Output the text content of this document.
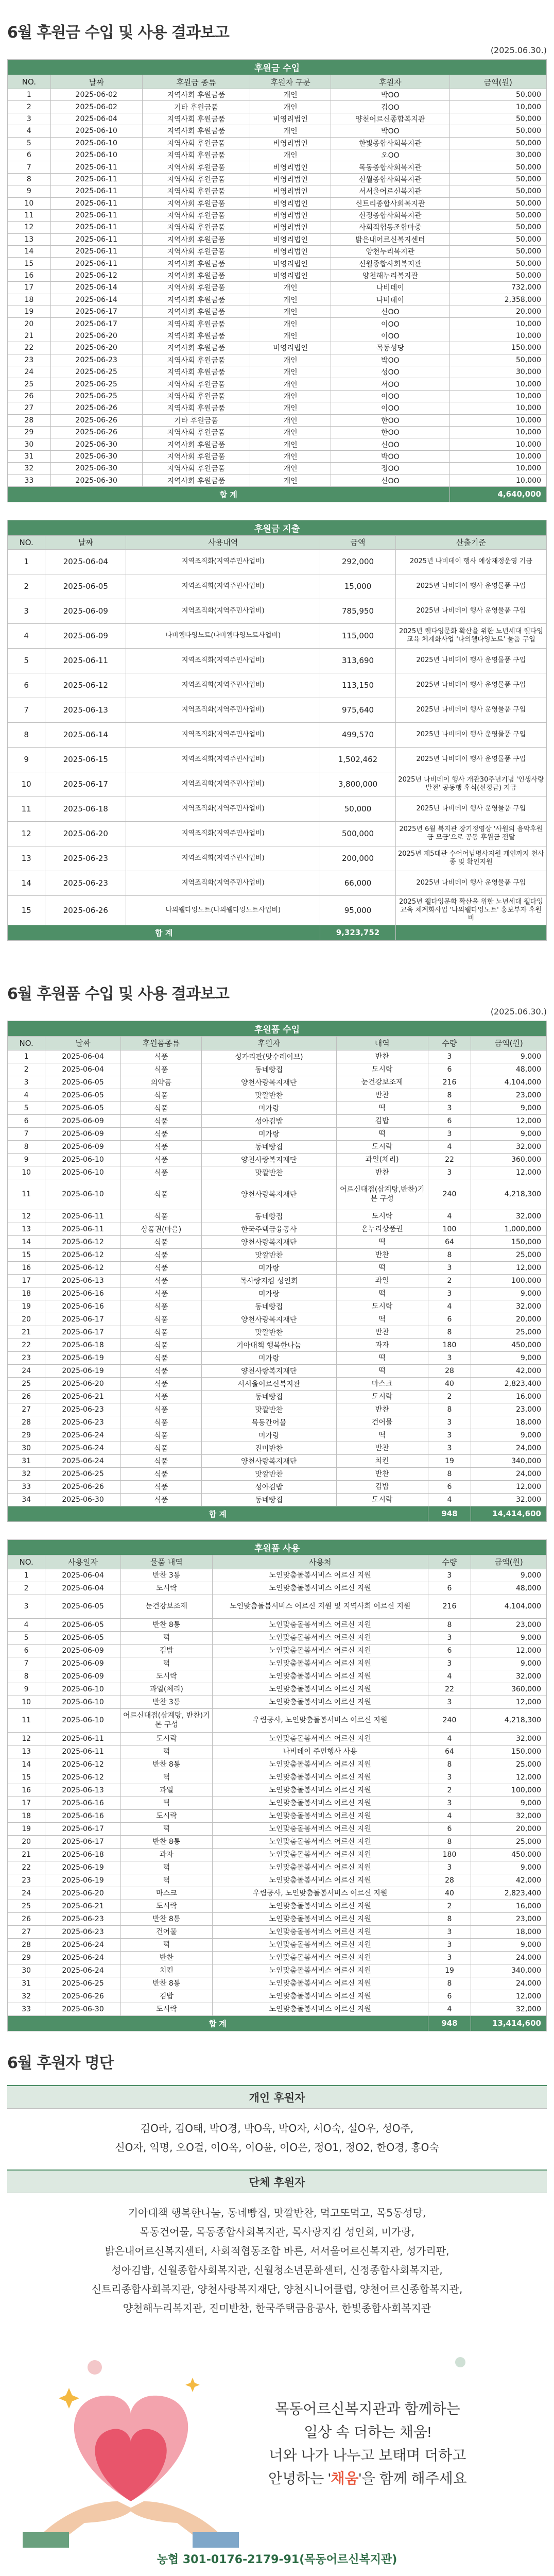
6월 후원금 수입 및 사용 결과보고
(2025.06.30.)
후원금 수입					
NO.	날짜	후원금 종류	후원자 구분	후원자	금액(원)
1	2025-06-02	지역사회 후원금품	개인	박OO	50,000
2	2025-06-02	기타 후원금품	개인	김OO	10,000
3	2025-06-04	지역사회 후원금품	비영리법인	양천어르신종합복지관	50,000
4	2025-06-10	지역사회 후원금품	개인	박OO	50,000
5	2025-06-10	지역사회 후원금품	비영리법인	한빛종합사회복지관	50,000
6	2025-06-10	지역사회 후원금품	개인	오OO	30,000
7	2025-06-11	지역사회 후원금품	비영리법인	목동종합사회복지관	50,000
8	2025-06-11	지역사회 후원금품	비영리법인	신월종합사회복지관	50,000
9	2025-06-11	지역사회 후원금품	비영리법인	서서울어르신복지관	50,000
10	2025-06-11	지역사회 후원금품	비영리법인	신트리종합사회복지관	50,000
11	2025-06-11	지역사회 후원금품	비영리법인	신정종합사회복지관	50,000
12	2025-06-11	지역사회 후원금품	비영리법인	사회적협동조합마중	50,000
13	2025-06-11	지역사회 후원금품	비영리법인	밝은내어르신복지센터	50,000
14	2025-06-11	지역사회 후원금품	비영리법인	양천누리복지관	50,000
15	2025-06-11	지역사회 후원금품	비영리법인	신월종합사회복지관	50,000
16	2025-06-12	지역사회 후원금품	비영리법인	양천해누리복지관	50,000
17	2025-06-14	지역사회 후원금품	개인	나비데이	732,000
18	2025-06-14	지역사회 후원금품	개인	나비데이	2,358,000
19	2025-06-17	지역사회 후원금품	개인	신OO	20,000
20	2025-06-17	지역사회 후원금품	개인	이OO	10,000
21	2025-06-20	지역사회 후원금품	개인	이OO	10,000
22	2025-06-20	지역사회 후원금품	비영리법인	목동성당	150,000
23	2025-06-23	지역사회 후원금품	개인	박OO	50,000
24	2025-06-25	지역사회 후원금품	개인	성OO	30,000
25	2025-06-25	지역사회 후원금품	개인	서OO	10,000
26	2025-06-25	지역사회 후원금품	개인	이OO	10,000
27	2025-06-26	지역사회 후원금품	개인	이OO	10,000
28	2025-06-26	기타 후원금품	개인	한OO	10,000
29	2025-06-26	지역사회 후원금품	개인	한OO	10,000
30	2025-06-30	지역사회 후원금품	개인	신OO	10,000
31	2025-06-30	지역사회 후원금품	개인	박OO	10,000
32	2025-06-30	지역사회 후원금품	개인	정OO	10,000
33	2025-06-30	지역사회 후원금품	개인	신OO	10,000
합 계					4,640,000
후원금 지출				
NO.	날짜	사용내역	금액	산출기준
1	2025-06-04	지역조직화(지역주민사업비)	292,000	2025년 나비데이 행사 예상재정운영 기금
2	2025-06-05	지역조직화(지역주민사업비)	15,000	2025년 나비데이 행사 운영물품 구입
3	2025-06-09	지역조직화(지역주민사업비)	785,950	2025년 나비데이 행사 운영물품 구입
4	2025-06-09	나비웰다잉노트(나비웰다잉노트사업비)	115,000	2025년 웰다잉문화 확산을 위한 노년세대 웰다잉교육 체계화사업 '나의웰다잉노트' 물품 구입
5	2025-06-11	지역조직화(지역주민사업비)	313,690	2025년 나비데이 행사 운영물품 구입
6	2025-06-12	지역조직화(지역주민사업비)	113,150	2025년 나비데이 행사 운영물품 구입
7	2025-06-13	지역조직화(지역주민사업비)	975,640	2025년 나비데이 행사 운영물품 구입
8	2025-06-14	지역조직화(지역주민사업비)	499,570	2025년 나비데이 행사 운영물품 구입
9	2025-06-15	지역조직화(지역주민사업비)	1,502,462	2025년 나비데이 행사 운영물품 구입
10	2025-06-17	지역조직화(지역주민사업비)	3,800,000	2025년 나비데이 행사 개관30주년기념 '인생사랑발전' 공동행 후식(선정금) 지급
11	2025-06-18	지역조직화(지역주민사업비)	50,000	2025년 나비데이 행사 운영물품 구입
12	2025-06-20	지역조직화(지역주민사업비)	500,000	2025년 6월 복지관 장기정영상 '사원의 음악후원금 모금'으로 공동 후원금 전달
13	2025-06-23	지역조직화(지역주민사업비)	200,000	2025년 제5대관 수어어님명사지원 개인까지 천사종 및 확인지원
14	2025-06-23	지역조직화(지역주민사업비)	66,000	2025년 나비데이 행사 운영물품 구입
15	2025-06-26	나의웰다잉노트(나의웰다잉노트사업비)	95,000	2025년 웰다잉문화 확산을 위한 노년세대 웰다잉교육 체계화사업 '나의웰다잉노트' 홍보부자 후원비
합 계			9,323,752	
6월 후원품 수입 및 사용 결과보고
(2025.06.30.)
후원품 수입						
NO.	날짜	후원품종류	후원자	내역	수량	금액(원)
1	2025-06-04	식품	성가리판(맛수레이브)	반찬	3	9,000
2	2025-06-04	식품	동네빵집	도시락	6	48,000
3	2025-06-05	의약품	양천사랑복지재단	눈건강보조제	216	4,104,000
4	2025-06-05	식품	맛깔반찬	반찬	8	23,000
5	2025-06-05	식품	미가랑	떡	3	9,000
6	2025-06-09	식품	성아김밥	김밥	6	12,000
7	2025-06-09	식품	미가랑	떡	3	9,000
8	2025-06-09	식품	동네빵집	도시락	4	32,000
9	2025-06-10	식품	양천사랑복지재단	과일(체리)	22	360,000
10	2025-06-10	식품	맛깔반찬	반찬	3	12,000
11	2025-06-10	식품	양천사랑복지재단	어르신대접(삼계탕,반찬)기본 구성	240	4,218,300
12	2025-06-11	식품	동네빵집	도시락	4	32,000
13	2025-06-11	상품권(마을)	한국주택금융공사	온누리상품권	100	1,000,000
14	2025-06-12	식품	양천사랑복지재단	떡	64	150,000
15	2025-06-12	식품	맛깔반찬	반찬	8	25,000
16	2025-06-12	식품	미가랑	떡	3	12,000
17	2025-06-13	식품	목사랑지킴 성인회	과일	2	100,000
18	2025-06-16	식품	미가랑	떡	3	9,000
19	2025-06-16	식품	동네빵집	도시락	4	32,000
20	2025-06-17	식품	양천사랑복지재단	떡	6	20,000
21	2025-06-17	식품	맛깔반찬	반찬	8	25,000
22	2025-06-18	식품	기아대책 행복한나눔	과자	180	450,000
23	2025-06-19	식품	미가랑	떡	3	9,000
24	2025-06-19	식품	양천사랑복지재단	떡	28	42,000
25	2025-06-20	식품	서서울어르신복지관	마스크	40	2,823,400
26	2025-06-21	식품	동네빵집	도시락	2	16,000
27	2025-06-23	식품	맛깔반찬	반찬	8	23,000
28	2025-06-23	식품	목동간어물	건어물	3	18,000
29	2025-06-24	식품	미가랑	떡	3	9,000
30	2025-06-24	식품	진미반찬	반찬	3	24,000
31	2025-06-24	식품	양천사랑복지재단	치킨	19	340,000
32	2025-06-25	식품	맛깔반찬	반찬	8	24,000
33	2025-06-26	식품	성아김밥	김밥	6	12,000
34	2025-06-30	식품	동네빵집	도시락	4	32,000
합 계					948	14,414,600
후원품 사용					
NO.	사용일자	물품 내역	사용처	수량	금액(원)
1	2025-06-04	반찬 3통	노인맞춤돌봄서비스 어르신 지원	3	9,000
2	2025-06-04	도시락	노인맞춤돌봄서비스 어르신 지원	6	48,000
3	2025-06-05	눈건강보조제	노인맞춤돌봄서비스 어르신 지원 및 지역사회 어르신 지원	216	4,104,000
4	2025-06-05	반찬 8통	노인맞춤돌봄서비스 어르신 지원	8	23,000
5	2025-06-05	떡	노인맞춤돌봄서비스 어르신 지원	3	9,000
6	2025-06-09	김밥	노인맞춤돌봄서비스 어르신 지원	6	12,000
7	2025-06-09	떡	노인맞춤돌봄서비스 어르신 지원	3	9,000
8	2025-06-09	도시락	노인맞춤돌봄서비스 어르신 지원	4	32,000
9	2025-06-10	과일(체리)	노인맞춤돌봄서비스 어르신 지원	22	360,000
10	2025-06-10	반찬 3통	노인맞춤돌봄서비스 어르신 지원	3	12,000
11	2025-06-10	어르신대접(삼계탕, 반찬)기본 구성	우림공사, 노인맞춤돌봄서비스 어르신 지원	240	4,218,300
12	2025-06-11	도시락	노인맞춤돌봄서비스 어르신 지원	4	32,000
13	2025-06-11	떡	나비데이 주민행사 사용	64	150,000
14	2025-06-12	반찬 8통	노인맞춤돌봄서비스 어르신 지원	8	25,000
15	2025-06-12	떡	노인맞춤돌봄서비스 어르신 지원	3	12,000
16	2025-06-13	과일	노인맞춤돌봄서비스 어르신 지원	2	100,000
17	2025-06-16	떡	노인맞춤돌봄서비스 어르신 지원	3	9,000
18	2025-06-16	도시락	노인맞춤돌봄서비스 어르신 지원	4	32,000
19	2025-06-17	떡	노인맞춤돌봄서비스 어르신 지원	6	20,000
20	2025-06-17	반찬 8통	노인맞춤돌봄서비스 어르신 지원	8	25,000
21	2025-06-18	과자	노인맞춤돌봄서비스 어르신 지원	180	450,000
22	2025-06-19	떡	노인맞춤돌봄서비스 어르신 지원	3	9,000
23	2025-06-19	떡	노인맞춤돌봄서비스 어르신 지원	28	42,000
24	2025-06-20	마스크	우림공사, 노인맞춤돌봄서비스 어르신 지원	40	2,823,400
25	2025-06-21	도시락	노인맞춤돌봄서비스 어르신 지원	2	16,000
26	2025-06-23	반찬 8통	노인맞춤돌봄서비스 어르신 지원	8	23,000
27	2025-06-23	건어물	노인맞춤돌봄서비스 어르신 지원	3	18,000
28	2025-06-24	떡	노인맞춤돌봄서비스 어르신 지원	3	9,000
29	2025-06-24	반찬	노인맞춤돌봄서비스 어르신 지원	3	24,000
30	2025-06-24	치킨	노인맞춤돌봄서비스 어르신 지원	19	340,000
31	2025-06-25	반찬 8통	노인맞춤돌봄서비스 어르신 지원	8	24,000
32	2025-06-26	김밥	노인맞춤돌봄서비스 어르신 지원	6	12,000
33	2025-06-30	도시락	노인맞춤돌봄서비스 어르신 지원	4	32,000
합 계				948	13,414,600
6월 후원자 명단
개인 후원자
김O라, 김O태, 박O경, 박O욱, 박O자, 서O숙, 설O우, 성O주,
신O자, 익명, 오O걸, 이O옥, 이O윤, 이O은, 정O1, 정O2, 한O경, 홍O숙
단체 후원자
기아대책 행복한나눔, 동네빵집, 맛깔반찬, 먹고또먹고, 목5동성당,
목동건어물, 목동종합사회복지관, 목사랑지킴 성인회, 미가랑,
밝은내어르신복지센터, 사회적협동조합 바른, 서서울어르신복지관, 성가리판,
성아김밥, 신월종합사회복지관, 신월청소년문화센터, 신정종합사회복지관,
신트리종합사회복지관, 양천사랑복지재단, 양천시니어클럽, 양천어르신종합복지관,
양천해누리복지관, 진미반찬, 한국주택금융공사, 한빛종합사회복지관
목동어르신복지관과 함께하는
일상 속 더하는 채움!
너와 나가 나누고 보태며 더하고
안녕하는 '채움'을 함께 해주세요
농협 301-0176-2179-91(목동어르신복지관)
